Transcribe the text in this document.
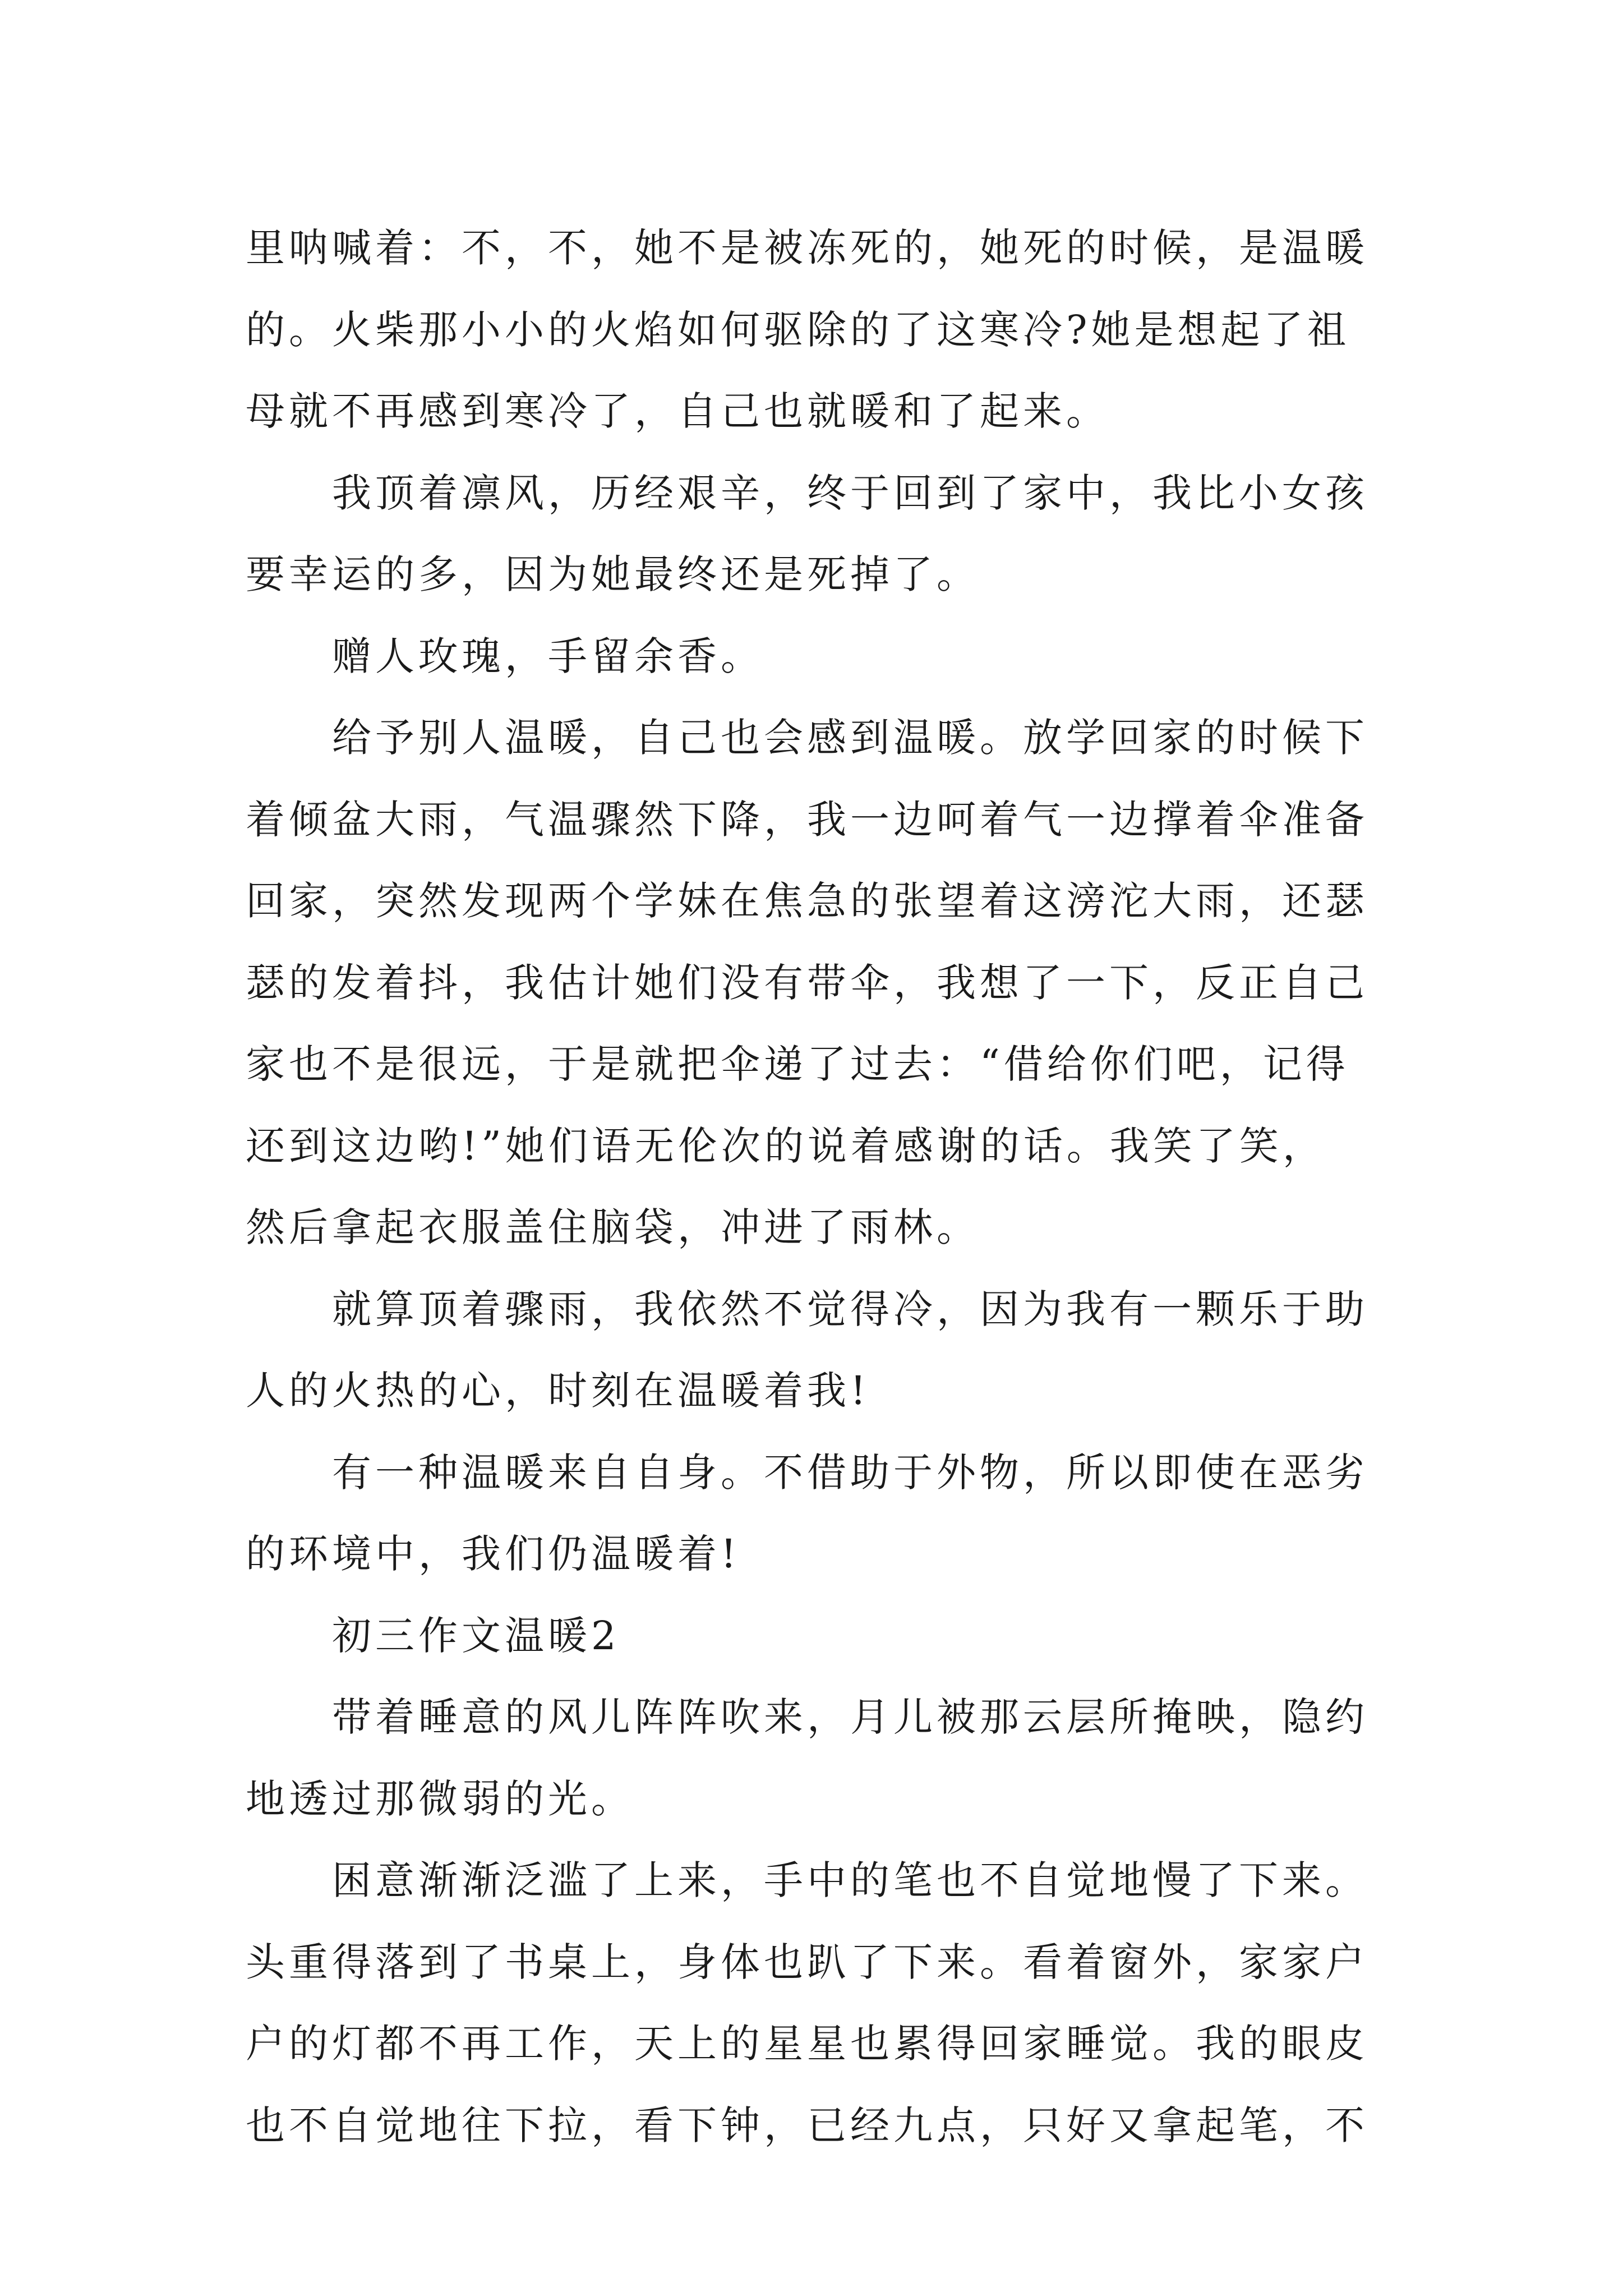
里呐喊着：不，不，她不是被冻死的，她死的时候，是温暖
的。火柴那小小的火焰如何驱除的了这寒冷?她是想起了祖
母就不再感到寒冷了，自己也就暖和了起来。
我顶着凛风，历经艰辛，终于回到了家中，我比小女孩
要幸运的多，因为她最终还是死掉了。
赠人玫瑰，手留余香。
给予别人温暖，自己也会感到温暖。放学回家的时候下
着倾盆大雨，气温骤然下降，我一边呵着气一边撑着伞准备
回家，突然发现两个学妹在焦急的张望着这滂沱大雨，还瑟
瑟的发着抖，我估计她们没有带伞，我想了一下，反正自己
家也不是很远，于是就把伞递了过去：“借给你们吧，记得
还到这边哟!”她们语无伦次的说着感谢的话。我笑了笑，
然后拿起衣服盖住脑袋，冲进了雨林。
就算顶着骤雨，我依然不觉得冷，因为我有一颗乐于助
人的火热的心，时刻在温暖着我!
有一种温暖来自自身。不借助于外物，所以即使在恶劣
的环境中，我们仍温暖着!
初三作文温暖2
带着睡意的风儿阵阵吹来，月儿被那云层所掩映，隐约
地透过那微弱的光。
困意渐渐泛滥了上来，手中的笔也不自觉地慢了下来。
头重得落到了书桌上，身体也趴了下来。看着窗外，家家户
户的灯都不再工作，天上的星星也累得回家睡觉。我的眼皮
也不自觉地往下拉，看下钟，已经九点，只好又拿起笔，不
